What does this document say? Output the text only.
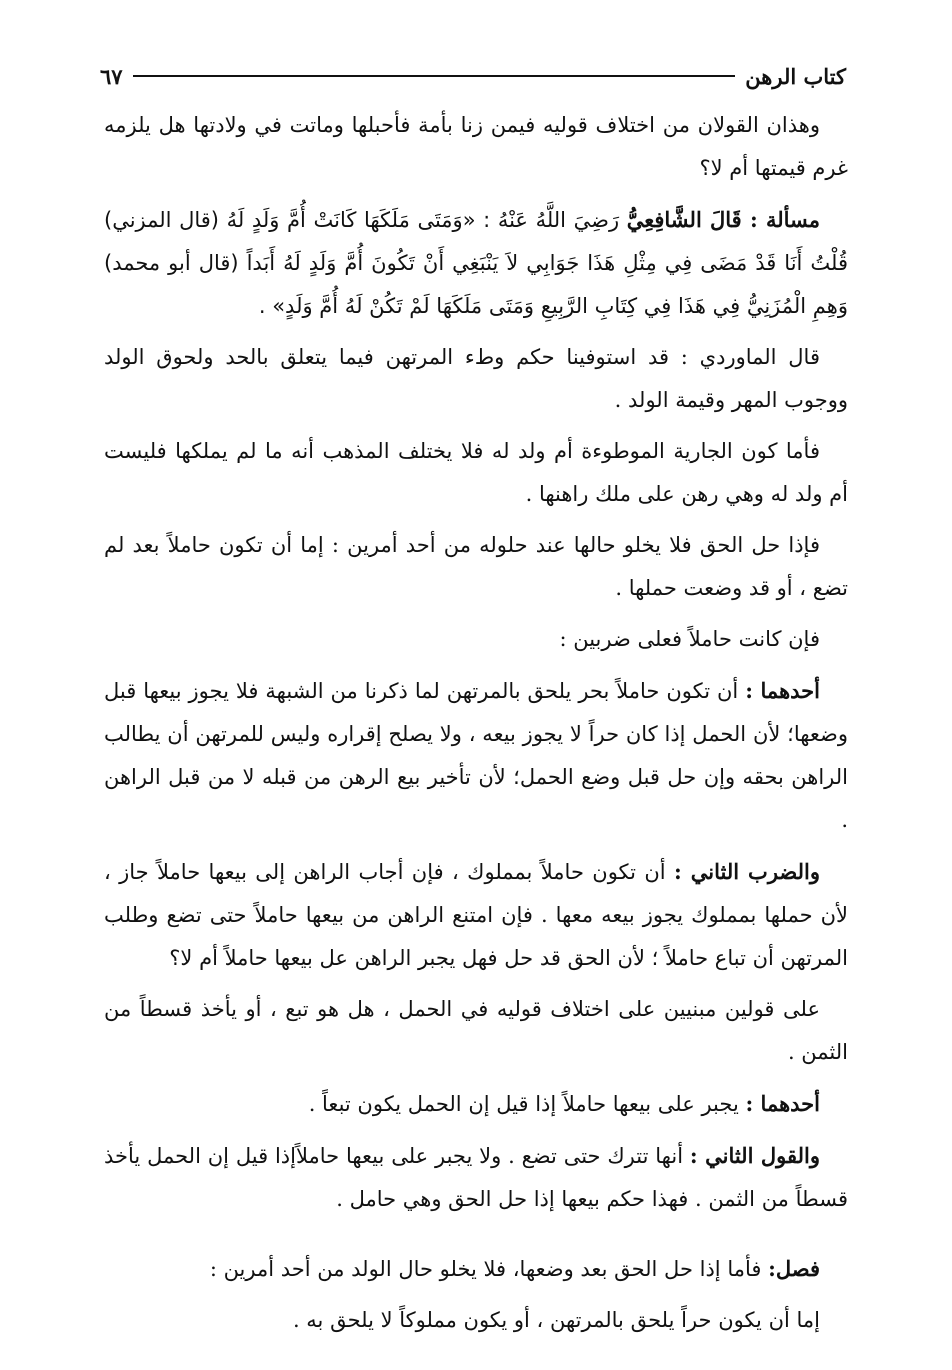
كتاب الرهن
٦٧

وهذان القولان من اختلاف قوليه فيمن زنا بأمة فأحبلها وماتت في ولادتها هل يلزمه غرم قيمتها أم لا؟

مسألة : قَالَ الشَّافِعِيُّ رَضِيَ اللَّهُ عَنْهُ : «وَمَتَى مَلَكَهَا كَانَتْ أُمَّ وَلَدٍ لَهُ (قال المزني) قُلْتُ أَنَا قَدْ مَضَى فِي مِثْلِ هَذَا جَوَابِي لاَ يَنْبَغِي أَنْ تَكُونَ أُمَّ وَلَدٍ لَهُ أَبَداً (قال أبو محمد) وَهِمِ الْمُزَنِيُّ فِي هَذَا فِي كِتَابِ الرَّبِيعِ وَمَتَى مَلَكَهَا لَمْ تَكُنْ لَهُ أُمَّ وَلَدٍ» .

قال الماوردي : قد استوفينا حكم وطء المرتهن فيما يتعلق بالحد ولحوق الولد ووجوب المهر وقيمة الولد .

فأما كون الجارية الموطوءة أم ولد له فلا يختلف المذهب أنه ما لم يملكها فليست أم ولد له وهي رهن على ملك راهنها .

فإذا حل الحق فلا يخلو حالها عند حلوله من أحد أمرين : إما أن تكون حاملاً بعد لم تضع ، أو قد وضعت حملها .

فإن كانت حاملاً فعلى ضربين :

أحدهما : أن تكون حاملاً بحر يلحق بالمرتهن لما ذكرنا من الشبهة فلا يجوز بيعها قبل وضعها؛ لأن الحمل إذا كان حراً لا يجوز بيعه ، ولا يصلح إقراره وليس للمرتهن أن يطالب الراهن بحقه وإن حل قبل وضع الحمل؛ لأن تأخير بيع الرهن من قبله لا من قبل الراهن .

والضرب الثاني : أن تكون حاملاً بمملوك ، فإن أجاب الراهن إلى بيعها حاملاً جاز ، لأن حملها بمملوك يجوز بيعه معها . فإن امتنع الراهن من بيعها حاملاً حتى تضع وطلب المرتهن أن تباع حاملاً ؛ لأن الحق قد حل فهل يجبر الراهن عل بيعها حاملاً أم لا؟

على قولين مبنيين على اختلاف قوليه في الحمل ، هل هو تبع ، أو يأخذ قسطاً من الثمن .

أحدهما : يجبر على بيعها حاملاً إذا قيل إن الحمل يكون تبعاً .

والقول الثاني : أنها تترك حتى تضع . ولا يجبر على بيعها حاملاًإذا قيل إن الحمل يأخذ قسطاً من الثمن . فهذا حكم بيعها إذا حل الحق وهي حامل .

فصل: فأما إذا حل الحق بعد وضعها، فلا يخلو حال الولد من أحد أمرين :

إما أن يكون حراً يلحق بالمرتهن ، أو يكون مملوكاً لا يلحق به .
